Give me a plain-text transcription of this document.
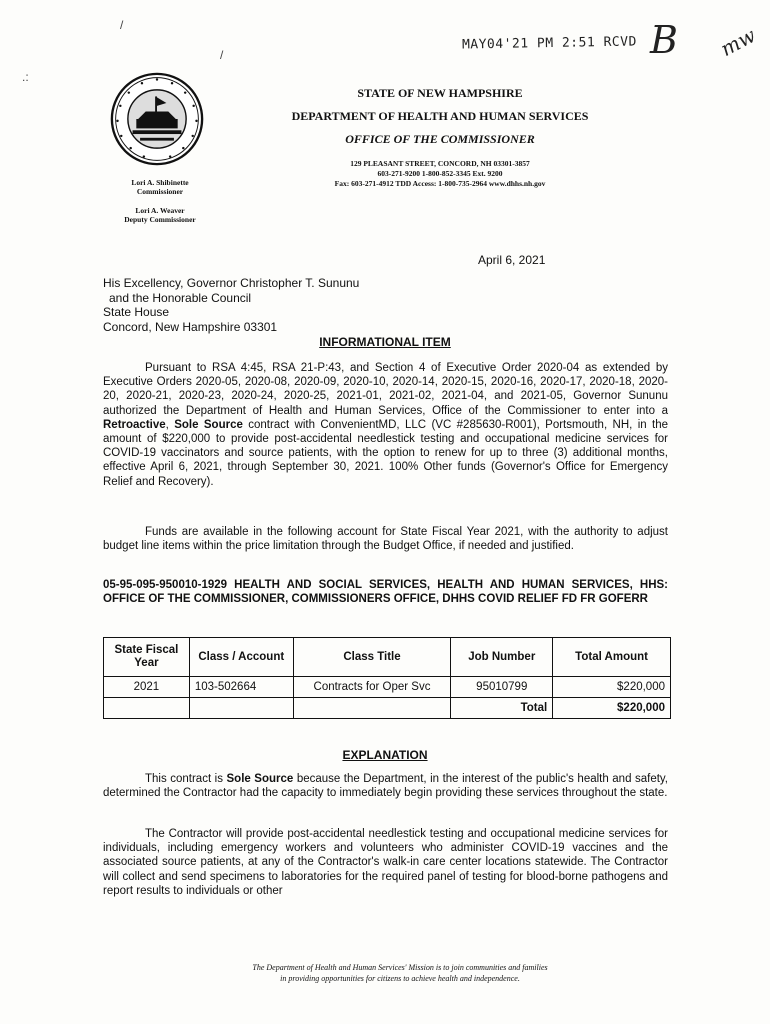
/
/
.:
MAY04'21 PM 2:51 RCVD B mw
STATE OF NEW HAMPSHIRE
DEPARTMENT OF HEALTH AND HUMAN SERVICES
OFFICE OF THE COMMISSIONER
129 PLEASANT STREET, CONCORD, NH 03301-3857
603-271-9200 1-800-852-3345 Ext. 9200
Fax: 603-271-4912 TDD Access: 1-800-735-2964 www.dhhs.nh.gov
Lori A. Shibinette
Commissioner
Lori A. Weaver
Deputy Commissioner
April 6, 2021
His Excellency, Governor Christopher T. Sununu
and the Honorable Council
State House
Concord, New Hampshire 03301
INFORMATIONAL ITEM
Pursuant to RSA 4:45, RSA 21-P:43, and Section 4 of Executive Order 2020-04 as extended by Executive Orders 2020-05, 2020-08, 2020-09, 2020-10, 2020-14, 2020-15, 2020-16, 2020-17, 2020-18, 2020-20, 2020-21, 2020-23, 2020-24, 2020-25, 2021-01, 2021-02, 2021-04, and 2021-05, Governor Sununu authorized the Department of Health and Human Services, Office of the Commissioner to enter into a Retroactive, Sole Source contract with ConvenientMD, LLC (VC #285630-R001), Portsmouth, NH, in the amount of $220,000 to provide post-accidental needlestick testing and occupational medicine services for COVID-19 vaccinators and source patients, with the option to renew for up to three (3) additional months, effective April 6, 2021, through September 30, 2021. 100% Other funds (Governor's Office for Emergency Relief and Recovery).
Funds are available in the following account for State Fiscal Year 2021, with the authority to adjust budget line items within the price limitation through the Budget Office, if needed and justified.
05-95-095-950010-1929 HEALTH AND SOCIAL SERVICES, HEALTH AND HUMAN SERVICES, HHS: OFFICE OF THE COMMISSIONER, COMMISSIONERS OFFICE, DHHS COVID RELIEF FD FR GOFERR
State Fiscal Year	Class / Account	Class Title	Job Number	Total Amount
2021	103-502664	Contracts for Oper Svc	95010799	$220,000
			Total	$220,000
EXPLANATION
This contract is Sole Source because the Department, in the interest of the public's health and safety, determined the Contractor had the capacity to immediately begin providing these services throughout the state.
The Contractor will provide post-accidental needlestick testing and occupational medicine services for individuals, including emergency workers and volunteers who administer COVID-19 vaccines and the associated source patients, at any of the Contractor's walk-in care center locations statewide. The Contractor will collect and send specimens to laboratories for the required panel of testing for blood-borne pathogens and report results to individuals or other
The Department of Health and Human Services' Mission is to join communities and families
in providing opportunities for citizens to achieve health and independence.
